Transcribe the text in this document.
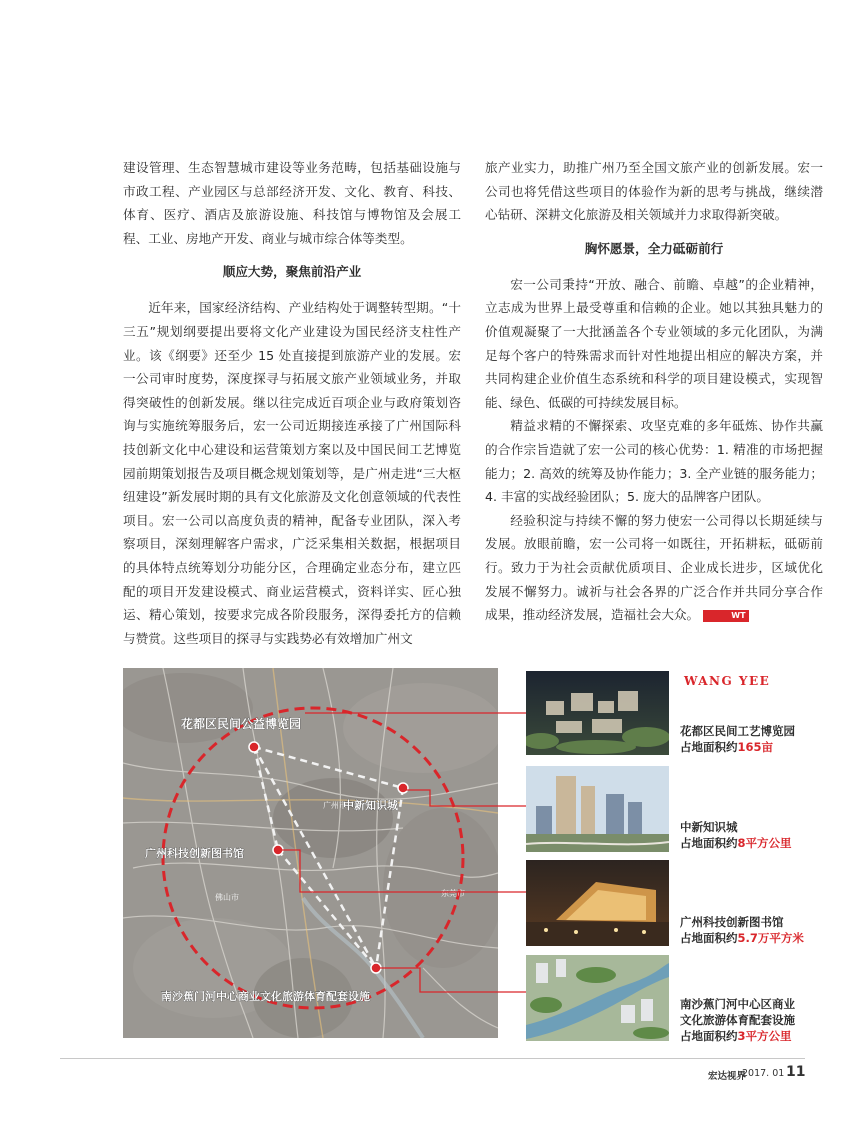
建设管理、生态智慧城市建设等业务范畴，包括基础设施与市政工程、产业园区与总部经济开发、文化、教育、科技、体育、医疗、酒店及旅游设施、科技馆与博物馆及会展工程、工业、房地产开发、商业与城市综合体等类型。

顺应大势，聚焦前沿产业

近年来，国家经济结构、产业结构处于调整转型期。“十三五”规划纲要提出要将文化产业建设为国民经济支柱性产业。该《纲要》还至少 15 处直接提到旅游产业的发展。宏一公司审时度势，深度探寻与拓展文旅产业领域业务，并取得突破性的创新发展。继以往完成近百项企业与政府策划咨询与实施统筹服务后，宏一公司近期接连承接了广州国际科技创新文化中心建设和运营策划方案以及中国民间工艺博览园前期策划报告及项目概念规划策划等，是广州走进“三大枢纽建设”新发展时期的具有文化旅游及文化创意领域的代表性项目。宏一公司以高度负责的精神，配备专业团队，深入考察项目，深刻理解客户需求，广泛采集相关数据，根据项目的具体特点统筹划分功能分区，合理确定业态分布，建立匹配的项目开发建设模式、商业运营模式，资料详实、匠心独运、精心策划，按要求完成各阶段服务，深得委托方的信赖与赞赏。这些项目的探寻与实践势必有效增加广州文

旅产业实力，助推广州乃至全国文旅产业的创新发展。宏一公司也将凭借这些项目的体验作为新的思考与挑战，继续潜心钻研、深耕文化旅游及相关领域并力求取得新突破。

胸怀愿景，全力砥砺前行

宏一公司秉持“开放、融合、前瞻、卓越”的企业精神，立志成为世界上最受尊重和信赖的企业。她以其独具魅力的价值观凝聚了一大批涵盖各个专业领域的多元化团队，为满足每个客户的特殊需求而针对性地提出相应的解决方案，并共同构建企业价值生态系统和科学的项目建设模式，实现智能、绿色、低碳的可持续发展目标。

精益求精的不懈探索、攻坚克难的多年砥炼、协作共赢的合作宗旨造就了宏一公司的核心优势：1. 精准的市场把握能力；2. 高效的统筹及协作能力；3. 全产业链的服务能力；4. 丰富的实战经验团队；5. 庞大的品牌客户团队。

经验积淀与持续不懈的努力使宏一公司得以长期延续与发展。放眼前瞻，宏一公司将一如既往，开拓耕耘，砥砺前行。致力于为社会贡献优质项目、企业成长进步，区域优化发展不懈努力。诚祈与社会各界的广泛合作并共同分享合作成果，推动经济发展，造福社会大众。	WT

佛山市	东莞市
广州市
花都区民间公益博览园
中新知识城
广州科技创新图书馆
南沙蕉门河中心商业文化旅游体育配套设施
WANG YEE
花都区民间工艺博览园
占地面积约165亩
中新知识城
占地面积约8平方公里
广州科技创新图书馆
占地面积约5.7万平方米
南沙蕉门河中心区商业
文化旅游体育配套设施
占地面积约3平方公里
宏达视界
2017. 01 11
